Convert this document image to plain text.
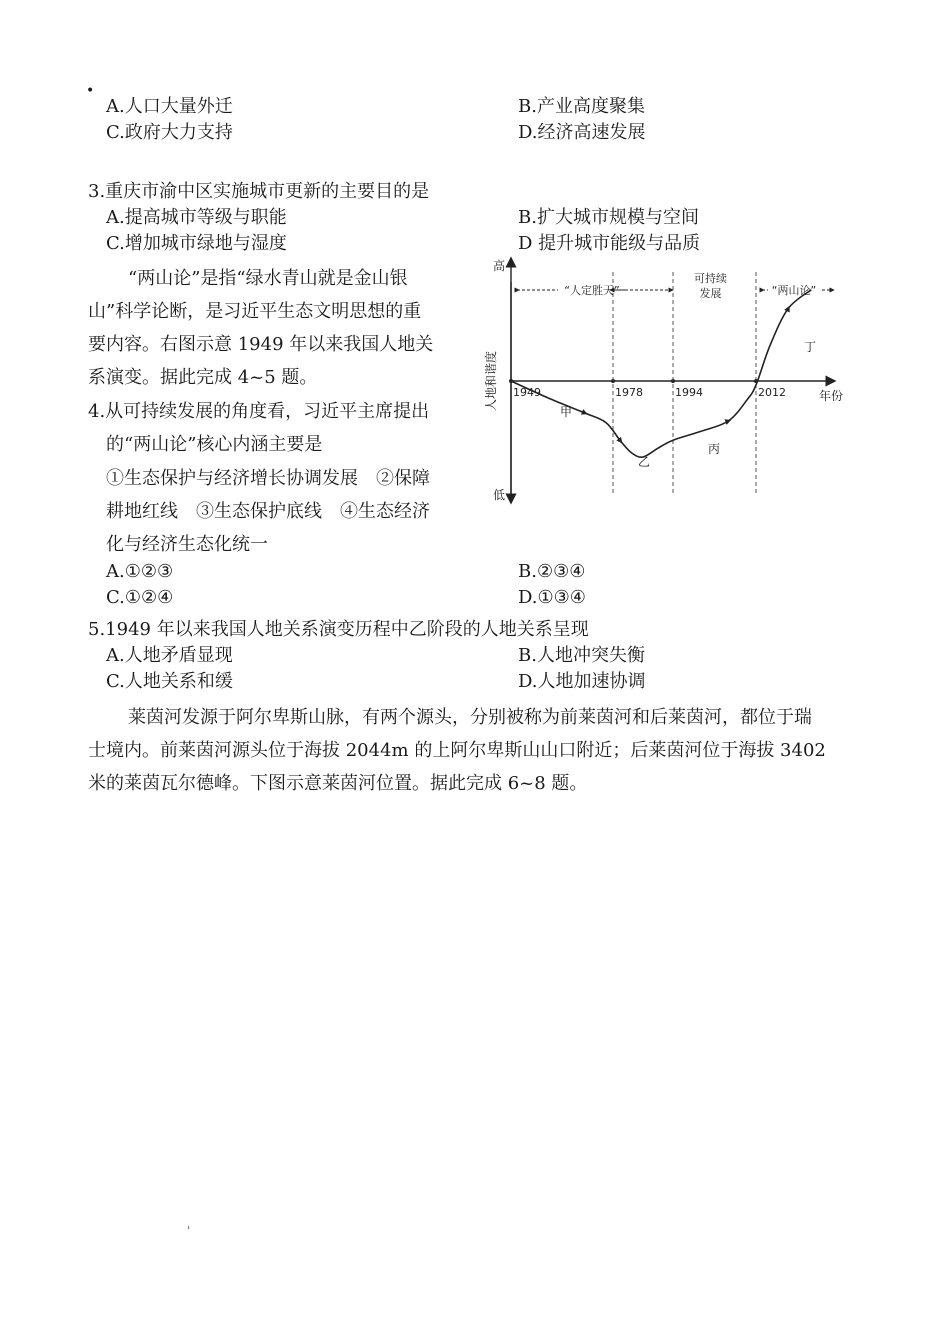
•
A.人口大量外迁	B.产业高度聚集
C.政府大力支持	D.经济高速发展
3.重庆市渝中区实施城市更新的主要目的是
A.提高城市等级与职能	B.扩大城市规模与空间
C.增加城市绿地与湿度	D 提升城市能级与品质
“两山论”是指“绿水青山就是金山银
山”科学论断，是习近平生态文明思想的重
要内容。右图示意 1949 年以来我国人地关
系演变。据此完成 4~5 题。
4.从可持续发展的角度看，习近平主席提出
的“两山论”核心内涵主要是
①生态保护与经济增长协调发展　②保障
耕地红线　③生态保护底线　④生态经济
化与经济生态化统一
A.①②③	B.②③④
C.①②④	D.①③④
5.1949 年以来我国人地关系演变历程中乙阶段的人地关系呈现
A.人地矛盾显现	B.人地冲突失衡
C.人地关系和缓	D.人地加速协调
莱茵河发源于阿尔卑斯山脉，有两个源头，分别被称为前莱茵河和后莱茵河，都位于瑞
士境内。前莱茵河源头位于海拔 2044m 的上阿尔卑斯山山口附近；后莱茵河位于海拔 3402
米的莱茵瓦尔德峰。下图示意莱茵河位置。据此完成 6~8 题。
'
高
低
人地和谐度	年份
1949	1978	1994	2012
“人定胜天”
可持续
发展	“两山论”
甲
乙
丙
丁
